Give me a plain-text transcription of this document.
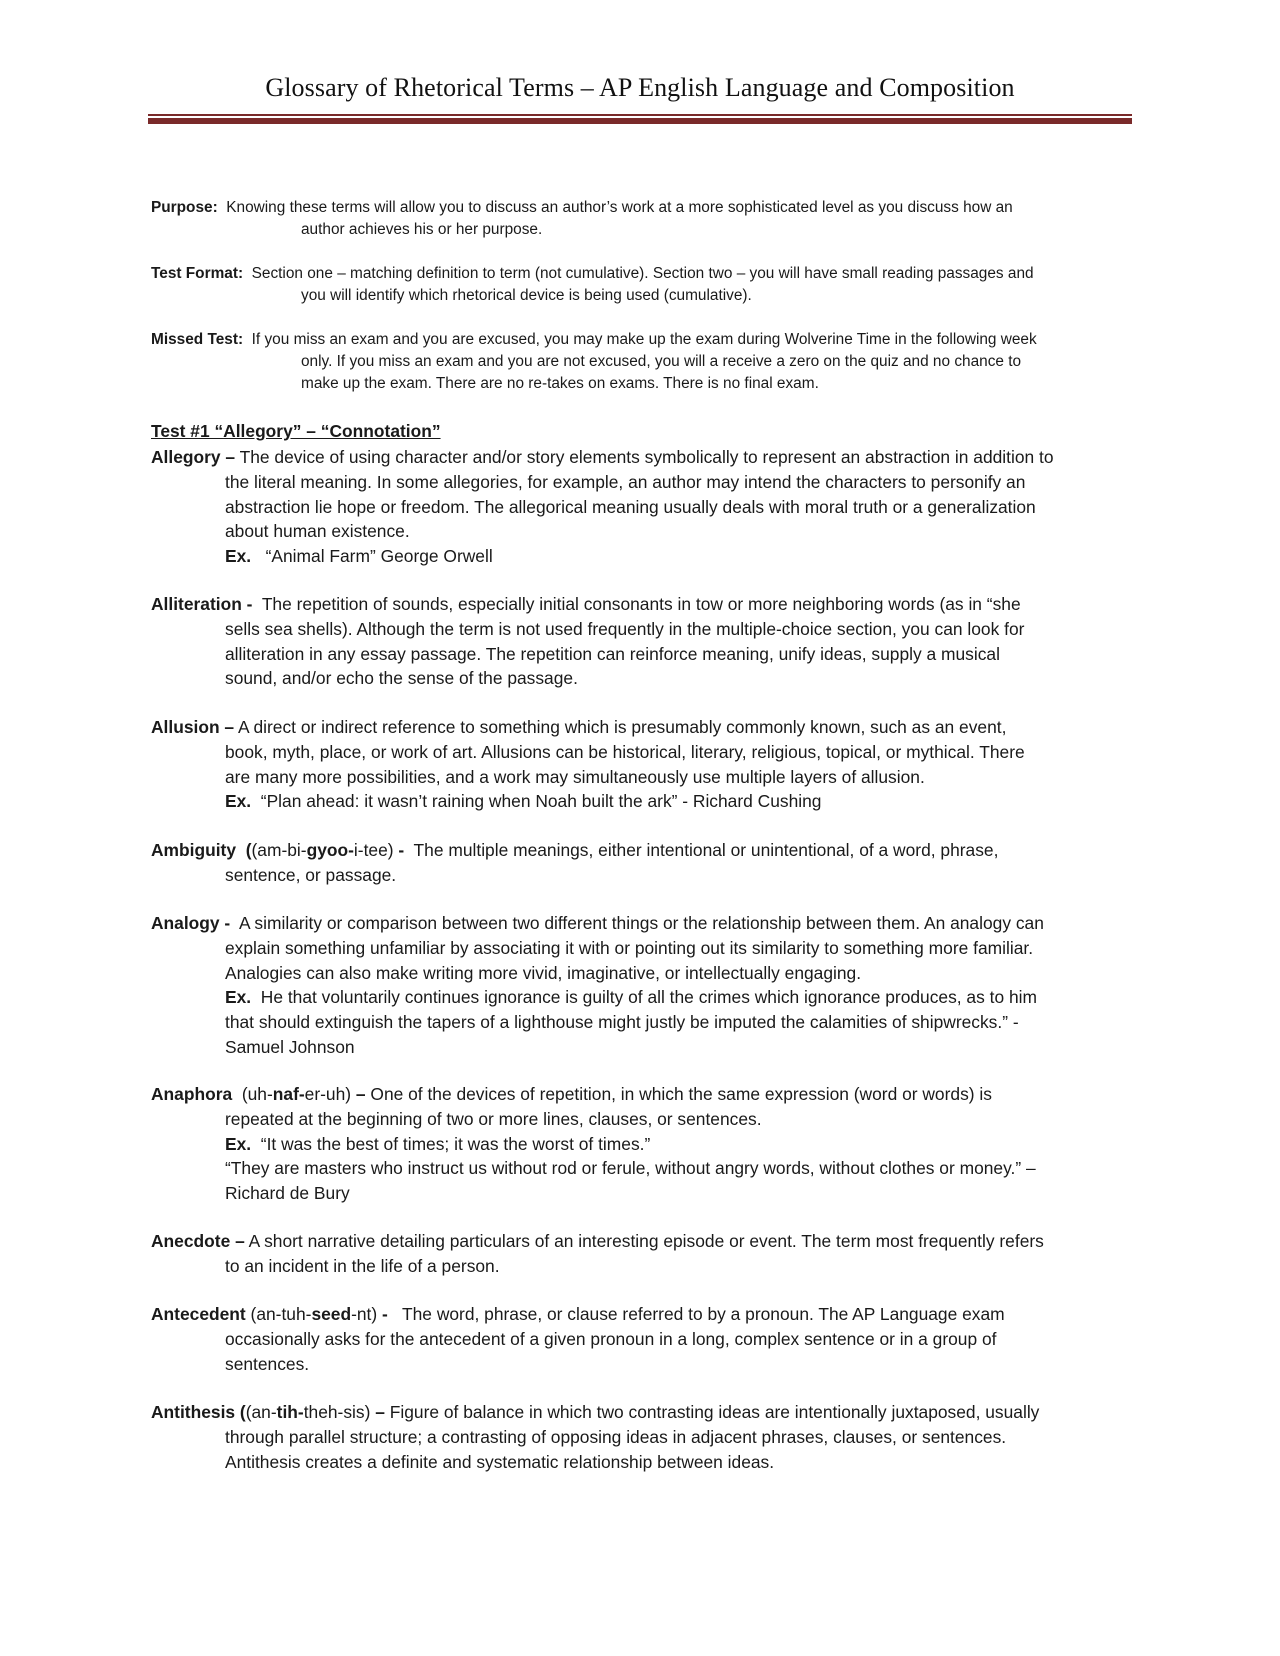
Glossary of Rhetorical Terms – AP English Language and Composition
Purpose: Knowing these terms will allow you to discuss an author’s work at a more sophisticated level as you discuss how an
author achieves his or her purpose.
Test Format: Section one – matching definition to term (not cumulative). Section two – you will have small reading passages and
you will identify which rhetorical device is being used (cumulative).
Missed Test: If you miss an exam and you are excused, you may make up the exam during Wolverine Time in the following week
only. If you miss an exam and you are not excused, you will a receive a zero on the quiz and no chance to
make up the exam. There are no re-takes on exams. There is no final exam.
Test #1 “Allegory” – “Connotation”
Allegory – The device of using character and/or story elements symbolically to represent an abstraction in addition to
the literal meaning. In some allegories, for example, an author may intend the characters to personify an
abstraction lie hope or freedom. The allegorical meaning usually deals with moral truth or a generalization
about human existence.
Ex. “Animal Farm” George Orwell
Alliteration - The repetition of sounds, especially initial consonants in tow or more neighboring words (as in “she
sells sea shells). Although the term is not used frequently in the multiple-choice section, you can look for
alliteration in any essay passage. The repetition can reinforce meaning, unify ideas, supply a musical
sound, and/or echo the sense of the passage.
Allusion – A direct or indirect reference to something which is presumably commonly known, such as an event,
book, myth, place, or work of art. Allusions can be historical, literary, religious, topical, or mythical. There
are many more possibilities, and a work may simultaneously use multiple layers of allusion.
Ex. “Plan ahead: it wasn’t raining when Noah built the ark” - Richard Cushing
Ambiguity ((am-bi-gyoo-i-tee) - The multiple meanings, either intentional or unintentional, of a word, phrase,
sentence, or passage.
Analogy - A similarity or comparison between two different things or the relationship between them. An analogy can
explain something unfamiliar by associating it with or pointing out its similarity to something more familiar.
Analogies can also make writing more vivid, imaginative, or intellectually engaging.
Ex. He that voluntarily continues ignorance is guilty of all the crimes which ignorance produces, as to him
that should extinguish the tapers of a lighthouse might justly be imputed the calamities of shipwrecks.” -
Samuel Johnson
Anaphora (uh-naf-er-uh) – One of the devices of repetition, in which the same expression (word or words) is
repeated at the beginning of two or more lines, clauses, or sentences.
Ex. “It was the best of times; it was the worst of times.”
“They are masters who instruct us without rod or ferule, without angry words, without clothes or money.” –
Richard de Bury
Anecdote – A short narrative detailing particulars of an interesting episode or event. The term most frequently refers
to an incident in the life of a person.
Antecedent (an-tuh-seed-nt) - The word, phrase, or clause referred to by a pronoun. The AP Language exam
occasionally asks for the antecedent of a given pronoun in a long, complex sentence or in a group of
sentences.
Antithesis ((an-tih-theh-sis) – Figure of balance in which two contrasting ideas are intentionally juxtaposed, usually
through parallel structure; a contrasting of opposing ideas in adjacent phrases, clauses, or sentences.
Antithesis creates a definite and systematic relationship between ideas.
